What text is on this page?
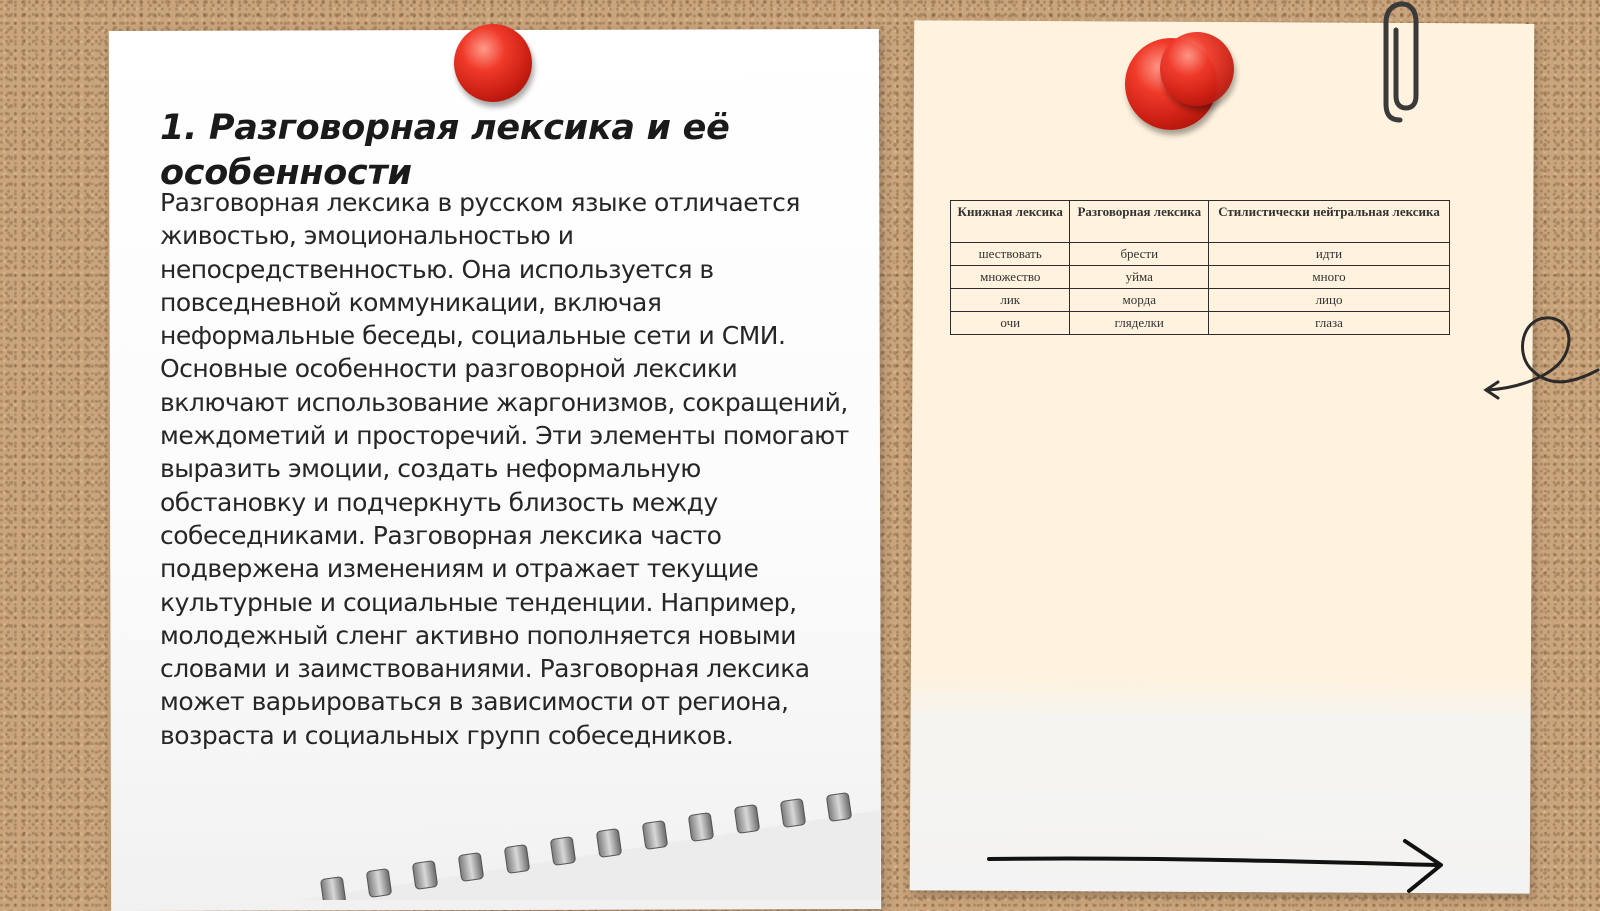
1. Разговорная лексика и её особенности

Разговорная лексика в русском языке отличается живостью, эмоциональностью и непосредственностью. Она используется в повседневной коммуникации, включая неформальные беседы, социальные сети и СМИ. Основные особенности разговорной лексики включают использование жаргонизмов, сокращений, междометий и просторечий. Эти элементы помогают выразить эмоции, создать неформальную обстановку и подчеркнуть близость между собеседниками. Разговорная лексика часто подвержена изменениям и отражает текущие культурные и социальные тенденции. Например, молодежный сленг активно пополняется новыми словами и заимствованиями. Разговорная лексика может варьироваться в зависимости от региона, возраста и социальных групп собеседников.

Книжная лексика	Разговорная лексика	Стилистически нейтральная лексика
шествовать	брести	идти
множество	уйма	много
лик	морда	лицо
очи	гляделки	глаза
